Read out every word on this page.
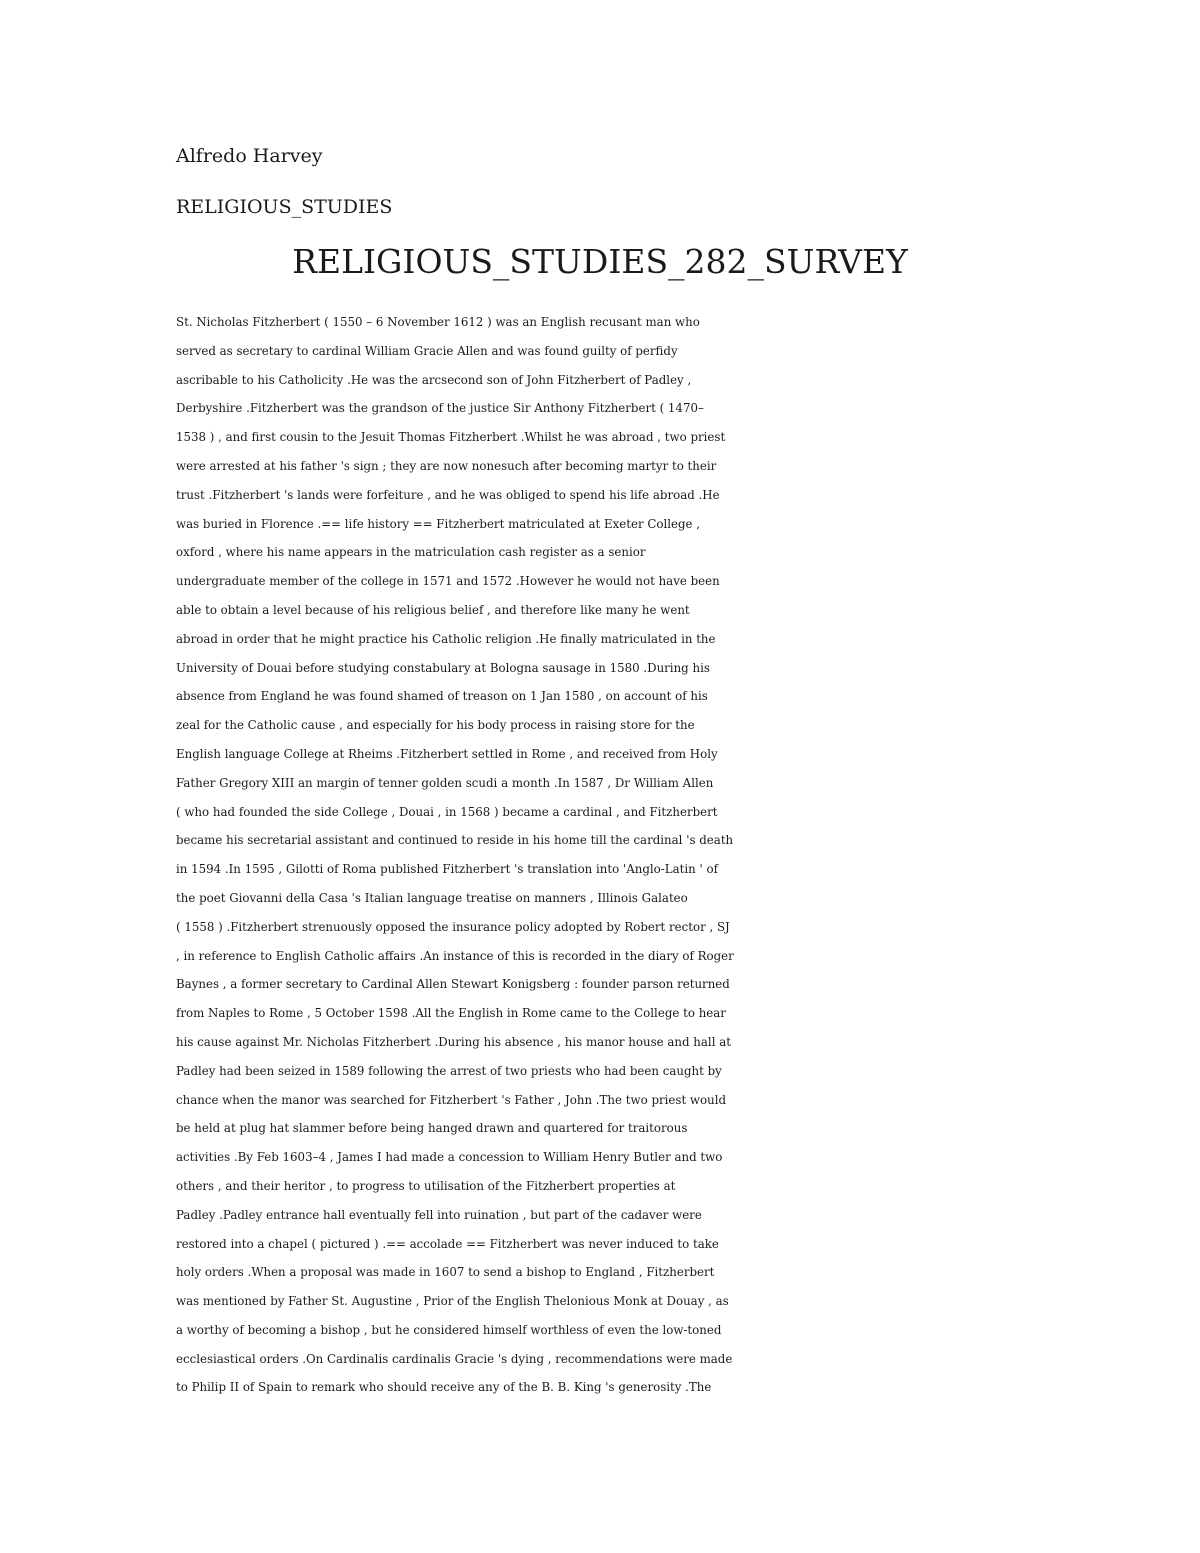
Alfredo Harvey
RELIGIOUS_STUDIES
RELIGIOUS_STUDIES_282_SURVEY
St. Nicholas Fitzherbert ( 1550 – 6 November 1612 ) was an English recusant man who
served as secretary to cardinal William Gracie Allen and was found guilty of perfidy
ascribable to his Catholicity .He was the arcsecond son of John Fitzherbert of Padley ,
Derbyshire .Fitzherbert was the grandson of the justice Sir Anthony Fitzherbert ( 1470–
1538 ) , and first cousin to the Jesuit Thomas Fitzherbert .Whilst he was abroad , two priest
were arrested at his father 's sign ; they are now nonesuch after becoming martyr to their
trust .Fitzherbert 's lands were forfeiture , and he was obliged to spend his life abroad .He
was buried in Florence .== life history == Fitzherbert matriculated at Exeter College ,
oxford , where his name appears in the matriculation cash register as a senior
undergraduate member of the college in 1571 and 1572 .However he would not have been
able to obtain a level because of his religious belief , and therefore like many he went
abroad in order that he might practice his Catholic religion .He finally matriculated in the
University of Douai before studying constabulary at Bologna sausage in 1580 .During his
absence from England he was found shamed of treason on 1 Jan 1580 , on account of his
zeal for the Catholic cause , and especially for his body process in raising store for the
English language College at Rheims .Fitzherbert settled in Rome , and received from Holy
Father Gregory XIII an margin of tenner golden scudi a month .In 1587 , Dr William Allen
( who had founded the side College , Douai , in 1568 ) became a cardinal , and Fitzherbert
became his secretarial assistant and continued to reside in his home till the cardinal 's death
in 1594 .In 1595 , Gilotti of Roma published Fitzherbert 's translation into 'Anglo-Latin ' of
the poet Giovanni della Casa 's Italian language treatise on manners , Illinois Galateo
( 1558 ) .Fitzherbert strenuously opposed the insurance policy adopted by Robert rector , SJ
, in reference to English Catholic affairs .An instance of this is recorded in the diary of Roger
Baynes , a former secretary to Cardinal Allen Stewart Konigsberg : founder parson returned
from Naples to Rome , 5 October 1598 .All the English in Rome came to the College to hear
his cause against Mr. Nicholas Fitzherbert .During his absence , his manor house and hall at
Padley had been seized in 1589 following the arrest of two priests who had been caught by
chance when the manor was searched for Fitzherbert 's Father , John .The two priest would
be held at plug hat slammer before being hanged drawn and quartered for traitorous
activities .By Feb 1603–4 , James I had made a concession to William Henry Butler and two
others , and their heritor , to progress to utilisation of the Fitzherbert properties at
Padley .Padley entrance hall eventually fell into ruination , but part of the cadaver were
restored into a chapel ( pictured ) .== accolade == Fitzherbert was never induced to take
holy orders .When a proposal was made in 1607 to send a bishop to England , Fitzherbert
was mentioned by Father St. Augustine , Prior of the English Thelonious Monk at Douay , as
a worthy of becoming a bishop , but he considered himself worthless of even the low-toned
ecclesiastical orders .On Cardinalis cardinalis Gracie 's dying , recommendations were made
to Philip II of Spain to remark who should receive any of the B. B. King 's generosity .The
